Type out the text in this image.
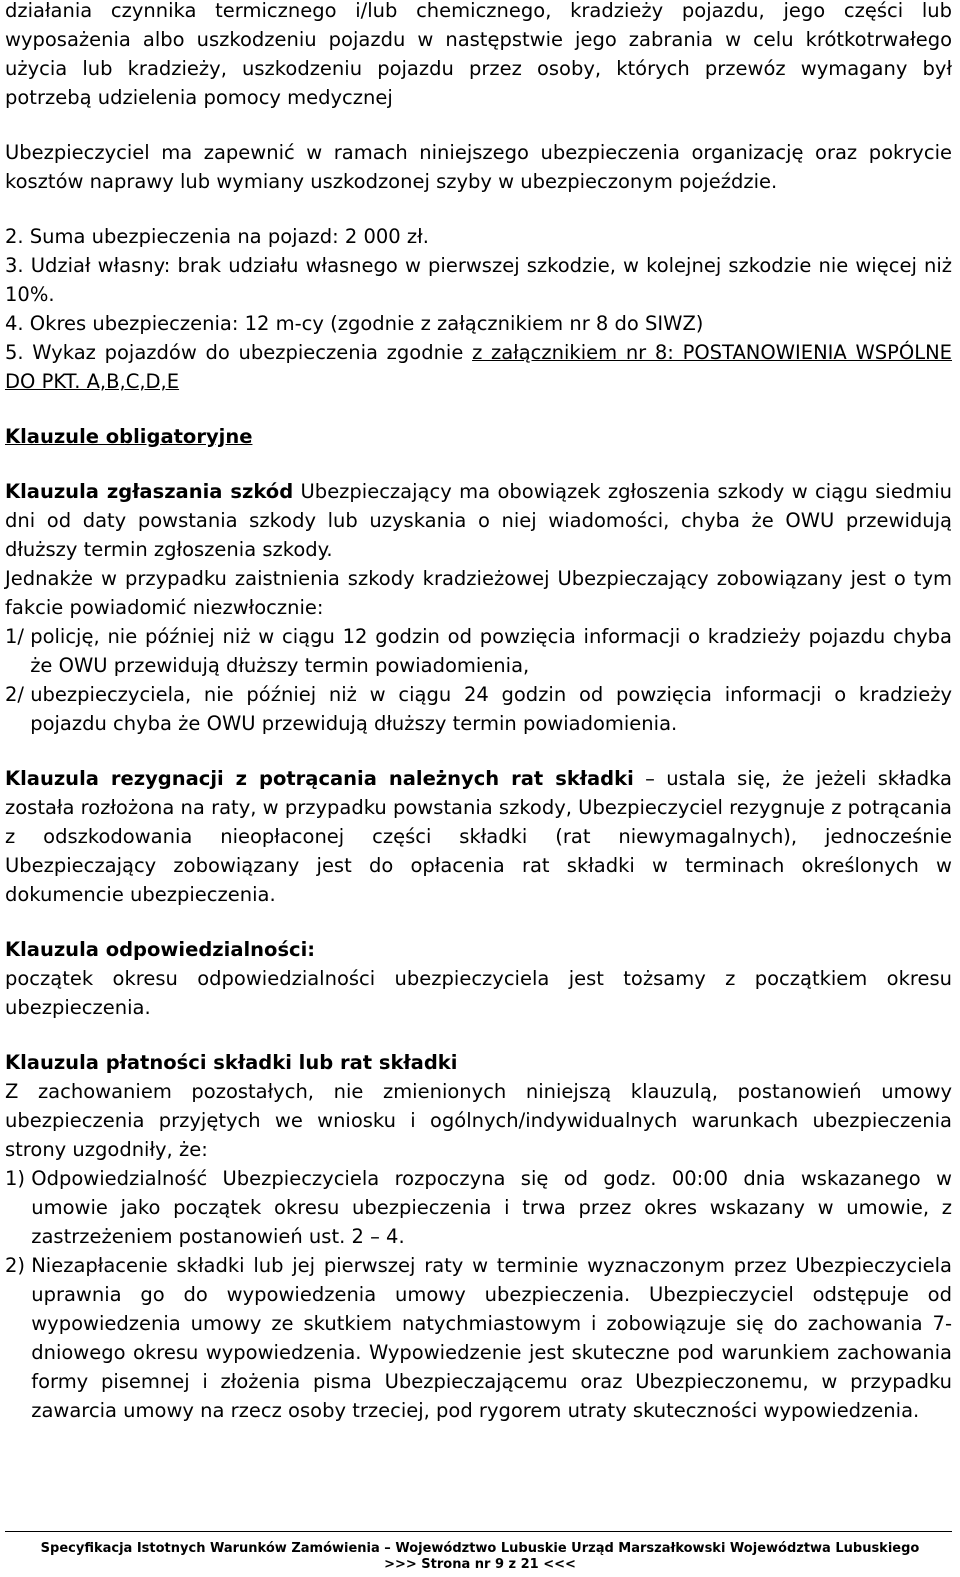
działania czynnika termicznego i/lub chemicznego, kradzieży pojazdu, jego części lub wyposażenia albo uszkodzeniu pojazdu w następstwie jego zabrania w celu krótkotrwałego użycia lub kradzieży, uszkodzeniu pojazdu przez osoby, których przewóz wymagany był potrzebą udzielenia pomocy medycznej

Ubezpieczyciel ma zapewnić w ramach niniejszego ubezpieczenia organizację oraz pokrycie kosztów naprawy lub wymiany uszkodzonej szyby w ubezpieczonym pojeździe.

2. Suma ubezpieczenia na pojazd: 2 000 zł.

3. Udział własny: brak udziału własnego w pierwszej szkodzie, w kolejnej szkodzie nie więcej niż 10%.

4. Okres ubezpieczenia: 12 m-cy (zgodnie z załącznikiem nr 8 do SIWZ)

5. Wykaz pojazdów do ubezpieczenia zgodnie z załącznikiem nr 8: POSTANOWIENIA WSPÓLNE DO PKT. A,B,C,D,E

Klauzule obligatoryjne

Klauzula zgłaszania szkód Ubezpieczający ma obowiązek zgłoszenia szkody w ciągu siedmiu dni od daty powstania szkody lub uzyskania o niej wiadomości, chyba że OWU przewidują dłuższy termin zgłoszenia szkody.

Jednakże w przypadku zaistnienia szkody kradzieżowej Ubezpieczający zobowiązany jest o tym fakcie powiadomić niezwłocznie:

1/ policję, nie później niż w ciągu 12 godzin od powzięcia informacji o kradzieży pojazdu chyba że OWU przewidują dłuższy termin powiadomienia,
2/ ubezpieczyciela, nie później niż w ciągu 24 godzin od powzięcia informacji o kradzieży pojazdu chyba że OWU przewidują dłuższy termin powiadomienia.

Klauzula rezygnacji z potrącania należnych rat składki – ustala się, że jeżeli składka została rozłożona na raty, w przypadku powstania szkody, Ubezpieczyciel rezygnuje z potrącania z odszkodowania nieopłaconej części składki (rat niewymagalnych), jednocześnie Ubezpieczający zobowiązany jest do opłacenia rat składki w terminach określonych w dokumencie ubezpieczenia.

Klauzula odpowiedzialności:

początek okresu odpowiedzialności ubezpieczyciela jest tożsamy z początkiem okresu ubezpieczenia.

Klauzula płatności składki lub rat składki

Z zachowaniem pozostałych, nie zmienionych niniejszą klauzulą, postanowień umowy ubezpieczenia przyjętych we wniosku i ogólnych/indywidualnych warunkach ubezpieczenia strony uzgodniły, że:

1) Odpowiedzialność Ubezpieczyciela rozpoczyna się od godz. 00:00 dnia wskazanego w umowie jako początek okresu ubezpieczenia i trwa przez okres wskazany w umowie, z zastrzeżeniem postanowień ust. 2 – 4.
2) Niezapłacenie składki lub jej pierwszej raty w terminie wyznaczonym przez Ubezpieczyciela uprawnia go do wypowiedzenia umowy ubezpieczenia. Ubezpieczyciel odstępuje od wypowiedzenia umowy ze skutkiem natychmiastowym i zobowiązuje się do zachowania 7-dniowego okresu wypowiedzenia. Wypowiedzenie jest skuteczne pod warunkiem zachowania formy pisemnej i złożenia pisma Ubezpieczającemu oraz Ubezpieczonemu, w przypadku zawarcia umowy na rzecz osoby trzeciej, pod rygorem utraty skuteczności wypowiedzenia.
Specyfikacja Istotnych Warunków Zamówienia – Województwo Lubuskie Urząd Marszałkowski Województwa Lubuskiego
>>> Strona nr 9 z 21 <<<
